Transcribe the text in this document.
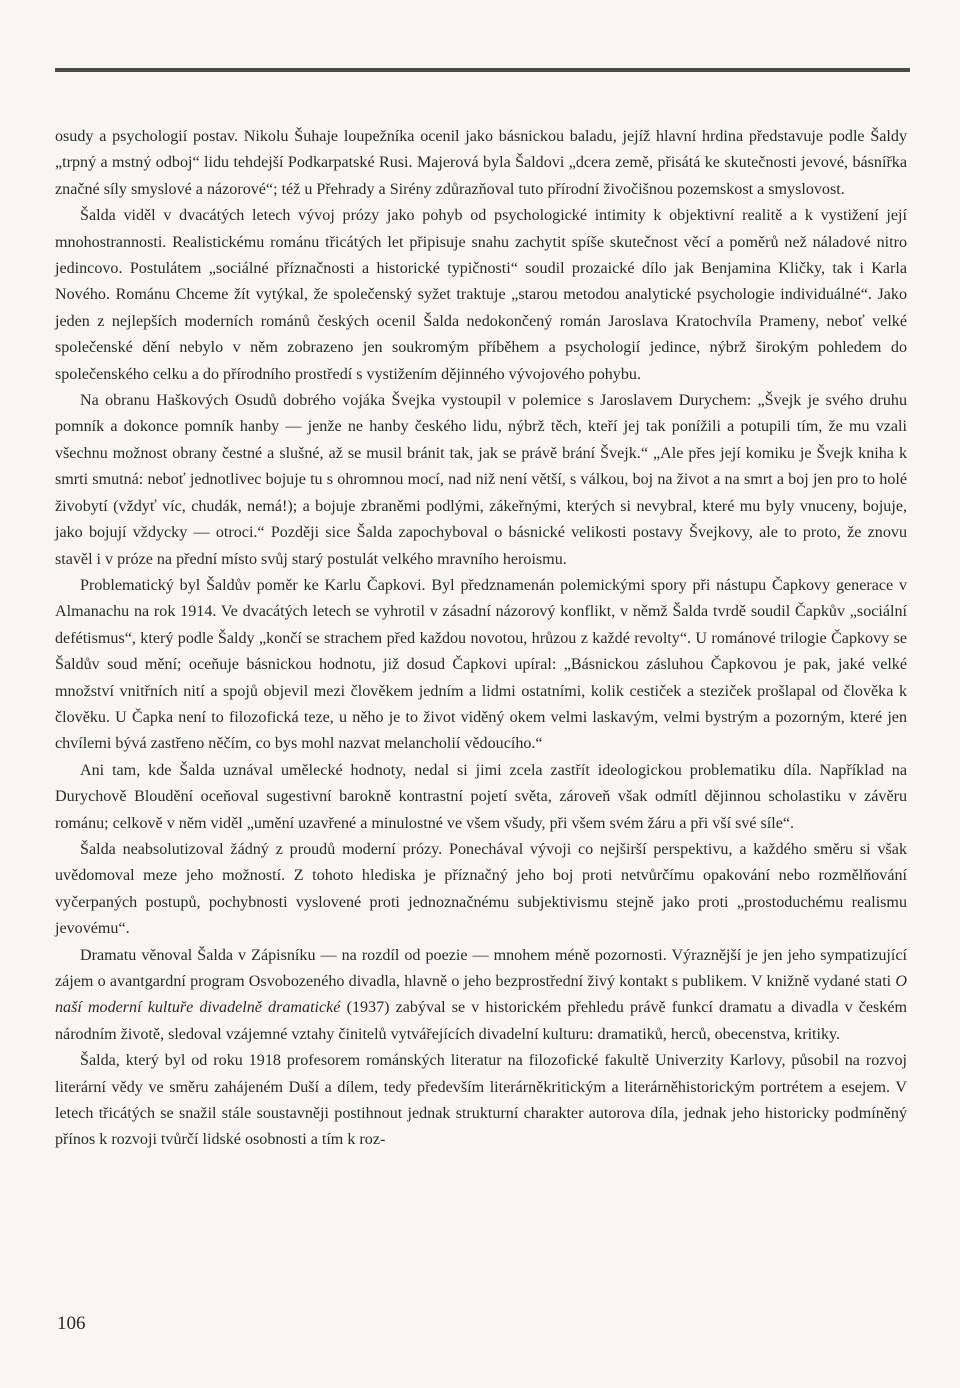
osudy a psychologií postav. Nikolu Šuhaje loupežníka ocenil jako básnickou baladu, jejíž hlavní hrdina představuje podle Šaldy „trpný a mstný odboj“ lidu tehdejší Podkarpatské Rusi. Majerová byla Šaldovi „dcera země, přisátá ke skutečnosti jevové, básnířka značné síly smyslové a názorové“; též u Přehrady a Sirény zdůrazňoval tuto přírodní živočišnou pozemskost a smyslovost.

Šalda viděl v dvacátých letech vývoj prózy jako pohyb od psychologické intimity k objektivní realitě a k vystižení její mnohostrannosti. Realistickému románu třicátých let připisuje snahu zachytit spíše skutečnost věcí a poměrů než náladové nitro jedincovo. Postulátem „sociálné příznačnosti a historické typičnosti“ soudil prozaické dílo jak Benjamina Kličky, tak i Karla Nového. Románu Chceme žít vytýkal, že společenský syžet traktuje „starou metodou analytické psychologie individuálné“. Jako jeden z nejlepších moderních románů českých ocenil Šalda nedokončený román Jaroslava Kratochvíla Prameny, neboť velké společenské dění nebylo v něm zobrazeno jen soukromým příběhem a psychologií jedince, nýbrž širokým pohledem do společenského celku a do přírodního prostředí s vystižením dějinného vývojového pohybu.

Na obranu Haškových Osudů dobrého vojáka Švejka vystoupil v polemice s Jaroslavem Durychem: „Švejk je svého druhu pomník a dokonce pomník hanby — jenže ne hanby českého lidu, nýbrž těch, kteří jej tak ponížili a potupili tím, že mu vzali všechnu možnost obrany čestné a slušné, až se musil bránit tak, jak se právě brání Švejk.“ „Ale přes její komiku je Švejk kniha k smrti smutná: neboť jednotlivec bojuje tu s ohromnou mocí, nad niž není větší, s válkou, boj na život a na smrt a boj jen pro to holé živobytí (vždyť víc, chudák, nemá!); a bojuje zbraněmi podlými, zákeřnými, kterých si nevybral, které mu byly vnuceny, bojuje, jako bojují vždycky — otroci.“ Později sice Šalda zapochyboval o básnické velikosti postavy Švejkovy, ale to proto, že znovu stavěl i v próze na přední místo svůj starý postulát velkého mravního heroismu.

Problematický byl Šaldův poměr ke Karlu Čapkovi. Byl předznamenán polemickými spory při nástupu Čapkovy generace v Almanachu na rok 1914. Ve dvacátých letech se vyhrotil v zásadní názorový konflikt, v němž Šalda tvrdě soudil Čapkův „sociální defétismus“, který podle Šaldy „končí se strachem před každou novotou, hrůzou z každé revolty“. U románové trilogie Čapkovy se Šaldův soud mění; oceňuje básnickou hodnotu, již dosud Čapkovi upíral: „Básnickou zásluhou Čapkovou je pak, jaké velké množství vnitřních nití a spojů objevil mezi člověkem jedním a lidmi ostatními, kolik cestiček a steziček prošlapal od člověka k člověku. U Čapka není to filozofická teze, u něho je to život viděný okem velmi laskavým, velmi bystrým a pozorným, které jen chvílemi bývá zastřeno něčím, co bys mohl nazvat melancholií vědoucího.“

Ani tam, kde Šalda uznával umělecké hodnoty, nedal si jimi zcela zastřít ideologickou problematiku díla. Například na Durychově Bloudění oceňoval sugestivní barokně kontrastní pojetí světa, zároveň však odmítl dějinnou scholastiku v závěru románu; celkově v něm viděl „umění uzavřené a minulostné ve všem všudy, při všem svém žáru a při vší své síle“.

Šalda neabsolutizoval žádný z proudů moderní prózy. Ponechával vývoji co nejširší perspektivu, a každého směru si však uvědomoval meze jeho možností. Z tohoto hlediska je příznačný jeho boj proti netvůrčímu opakování nebo rozmělňování vyčerpaných postupů, pochybnosti vyslovené proti jednoznačnému subjektivismu stejně jako proti „prostoduchému realismu jevovému“.

Dramatu věnoval Šalda v Zápisníku — na rozdíl od poezie — mnohem méně pozornosti. Výraznější je jen jeho sympatizující zájem o avantgardní program Osvobozeného divadla, hlavně o jeho bezprostřední živý kontakt s publikem. V knižně vydané stati O naší moderní kultuře divadelně dramatické (1937) zabýval se v historickém přehledu právě funkcí dramatu a divadla v českém národním životě, sledoval vzájemné vztahy činitelů vytvářejících divadelní kulturu: dramatiků, herců, obecenstva, kritiky.

Šalda, který byl od roku 1918 profesorem románských literatur na filozofické fakultě Univerzity Karlovy, působil na rozvoj literární vědy ve směru zahájeném Duší a dílem, tedy především literárněkritickým a literárněhistorickým portrétem a esejem. V letech třicátých se snažil stále soustavněji postihnout jednak strukturní charakter autorova díla, jednak jeho historicky podmíněný přínos k rozvoji tvůrčí lidské osobnosti a tím k roz-

106
